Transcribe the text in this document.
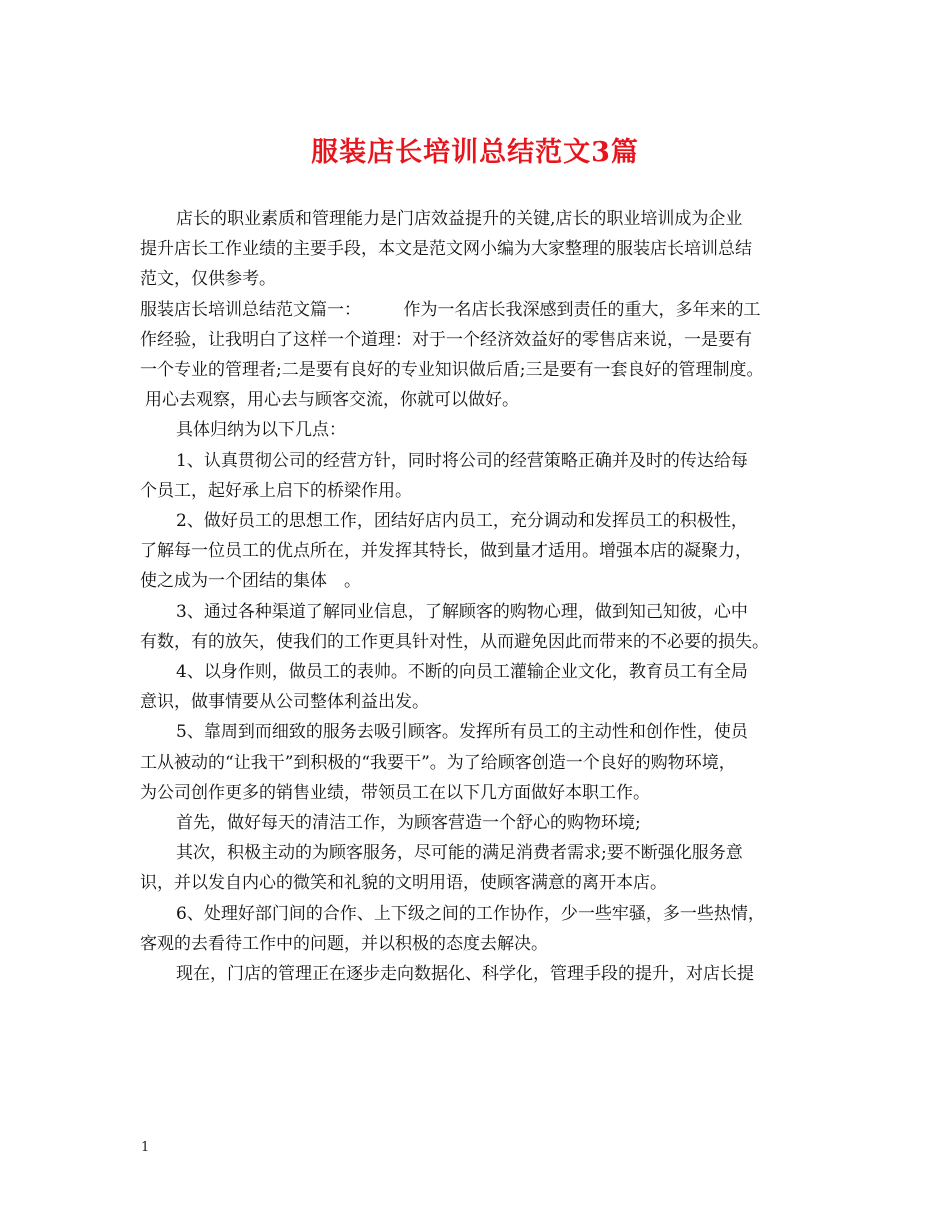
服装店长培训总结范文3篇
店长的职业素质和管理能力是门店效益提升的关键,店长的职业培训成为企业
提升店长工作业绩的主要手段，本文是范文网小编为大家整理的服装店长培训总结
范文，仅供参考。
服装店长培训总结范文篇一：　　　作为一名店长我深感到责任的重大，多年来的工
作经验，让我明白了这样一个道理：对于一个经济效益好的零售店来说，一是要有
一个专业的管理者;二是要有良好的专业知识做后盾;三是要有一套良好的管理制度。
用心去观察，用心去与顾客交流，你就可以做好。
具体归纳为以下几点：
1、认真贯彻公司的经营方针，同时将公司的经营策略正确并及时的传达给每
个员工，起好承上启下的桥梁作用。
2、做好员工的思想工作，团结好店内员工，充分调动和发挥员工的积极性，
了解每一位员工的优点所在，并发挥其特长，做到量才适用。增强本店的凝聚力，
使之成为一个团结的集体　。
3、通过各种渠道了解同业信息，了解顾客的购物心理，做到知己知彼，心中
有数，有的放矢，使我们的工作更具针对性，从而避免因此而带来的不必要的损失。
4、以身作则，做员工的表帅。不断的向员工灌输企业文化，教育员工有全局
意识，做事情要从公司整体利益出发。
5、靠周到而细致的服务去吸引顾客。发挥所有员工的主动性和创作性，使员
工从被动的“让我干”到积极的“我要干”。为了给顾客创造一个良好的购物环境，
为公司创作更多的销售业绩，带领员工在以下几方面做好本职工作。
首先，做好每天的清洁工作，为顾客营造一个舒心的购物环境;
其次，积极主动的为顾客服务，尽可能的满足消费者需求;要不断强化服务意
识，并以发自内心的微笑和礼貌的文明用语，使顾客满意的离开本店。
6、处理好部门间的合作、上下级之间的工作协作，少一些牢骚，多一些热情，
客观的去看待工作中的问题，并以积极的态度去解决。
现在，门店的管理正在逐步走向数据化、科学化，管理手段的提升，对店长提
1
